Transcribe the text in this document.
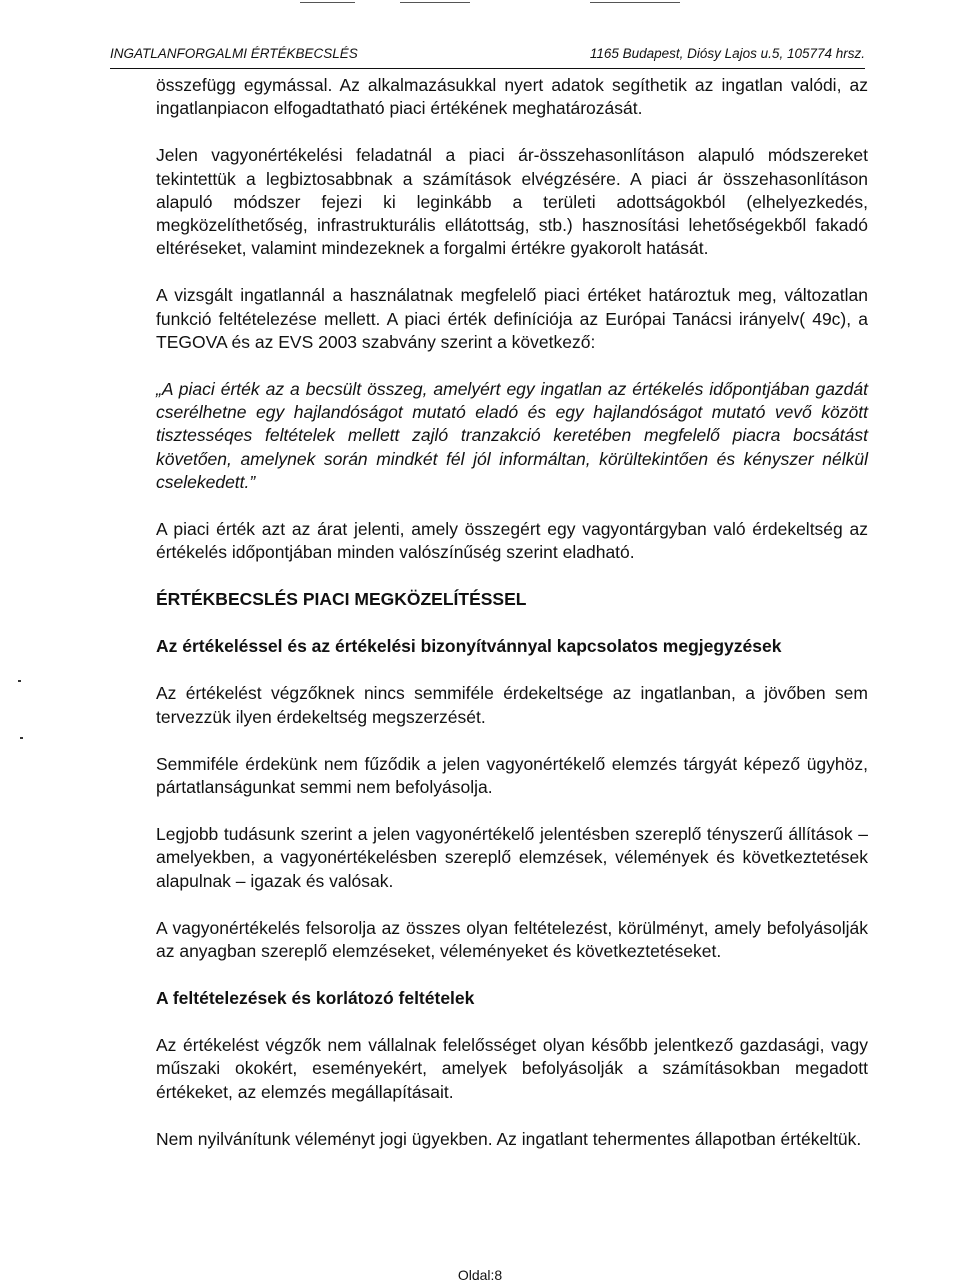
INGATLANFORGALMI ÉRTÉKBECSLÉS	1165 Budapest, Diósy Lajos u.5, 105774 hrsz.

összefügg egymással. Az alkalmazásukkal nyert adatok segíthetik az ingatlan valódi, az ingatlanpiacon elfogadtatható piaci értékének meghatározását.

Jelen vagyonértékelési feladatnál a piaci ár-összehasonlításon alapuló módszereket tekintettük a legbiztosabbnak a számítások elvégzésére. A piaci ár összehasonlításon alapuló módszer fejezi ki leginkább a területi adottságokból (elhelyezkedés, megközelíthetőség, infrastrukturális ellátottság, stb.) hasznosítási lehetőségekből fakadó eltéréseket, valamint mindezeknek a forgalmi értékre gyakorolt hatását.

A vizsgált ingatlannál a használatnak megfelelő piaci értéket határoztuk meg, változatlan funkció feltételezése mellett. A piaci érték definíciója az Európai Tanácsi irányelv( 49c), a TEGOVA és az EVS 2003 szabvány szerint a következő:

„A piaci érték az a becsült összeg, amelyért egy ingatlan az értékelés időpontjában gazdát cserélhetne egy hajlandóságot mutató eladó és egy hajlandóságot mutató vevő között tisztesséqes feltételek mellett zajló tranzakció keretében megfelelő piacra bocsátást követően, amelynek során mindkét fél jól informáltan, körültekintően és kényszer nélkül cselekedett.”

A piaci érték azt az árat jelenti, amely összegért egy vagyontárgyban való érdekeltség az értékelés időpontjában minden valószínűség szerint eladható.

ÉRTÉKBECSLÉS PIACI MEGKÖZELÍTÉSSEL
Az értékeléssel és az értékelési bizonyítvánnyal kapcsolatos megjegyzések

Az értékelést végzőknek nincs semmiféle érdekeltsége az ingatlanban, a jövőben sem tervezzük ilyen érdekeltség megszerzését.

Semmiféle érdekünk nem fűződik a jelen vagyonértékelő elemzés tárgyát képező ügyhöz, pártatlanságunkat semmi nem befolyásolja.

Legjobb tudásunk szerint a jelen vagyonértékelő jelentésben szereplő tényszerű állítások – amelyekben, a vagyonértékelésben szereplő elemzések, vélemények és következtetések alapulnak – igazak és valósak.

A vagyonértékelés felsorolja az összes olyan feltételezést, körülményt, amely befolyásolják az anyagban szereplő elemzéseket, véleményeket és következtetéseket.

A feltételezések és korlátozó feltételek

Az értékelést végzők nem vállalnak felelősséget olyan később jelentkező gazdasági, vagy műszaki okokért, eseményekért, amelyek befolyásolják a számításokban megadott értékeket, az elemzés megállapításait.

Nem nyilvánítunk véleményt jogi ügyekben. Az ingatlant tehermentes állapotban értékeltük.

Oldal:8
